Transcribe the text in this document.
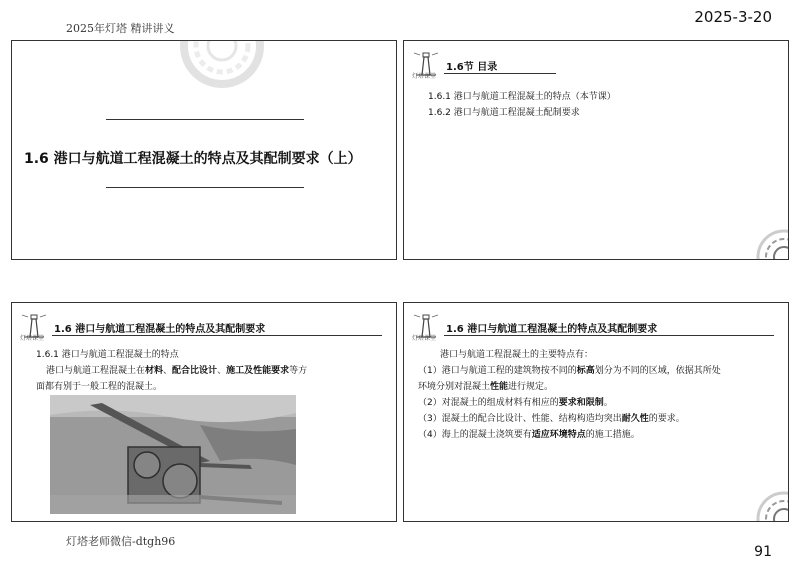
2025年灯塔 精讲讲义
2025-3-20
1.6 港口与航道工程混凝土的特点及其配制要求（上）
灯塔课堂
1.6节 目录
1.6.1 港口与航道工程混凝土的特点（本节课）
1.6.2 港口与航道工程混凝土配制要求
灯塔课堂
1.6 港口与航道工程混凝土的特点及其配制要求
1.6.1 港口与航道工程混凝土的特点
港口与航道工程混凝土在材料、配合比设计、施工及性能要求等方
面都有别于一般工程的混凝土。
灯塔课堂
1.6 港口与航道工程混凝土的特点及其配制要求
港口与航道工程混凝土的主要特点有：
（1）港口与航道工程的建筑物按不同的标高划分为不同的区域，依据其所处
环境分别对混凝土性能进行规定。
（2）对混凝土的组成材料有相应的要求和限制。
（3）混凝土的配合比设计、性能、结构构造均突出耐久性的要求。
（4）海上的混凝土浇筑要有适应环境特点的施工措施。
灯塔老师微信-dtgh96
91
